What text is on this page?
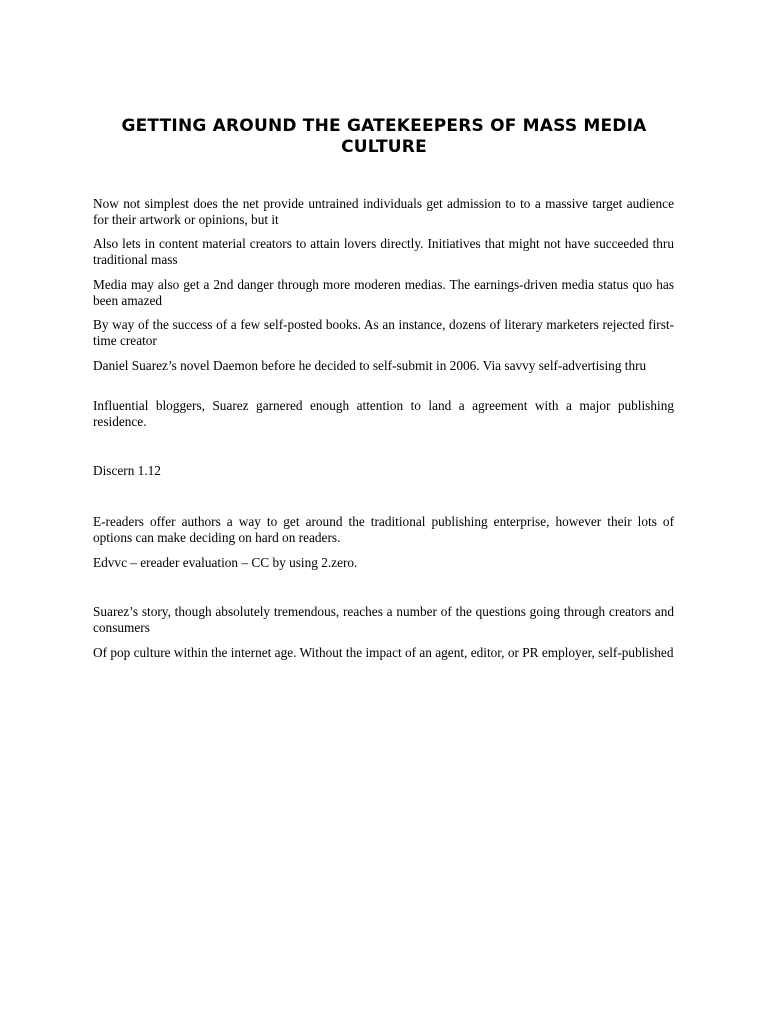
GETTING AROUND THE GATEKEEPERS OF MASS MEDIA CULTURE

Now not simplest does the net provide untrained individuals get admission to to a massive target audience for their artwork or opinions, but it

Also lets in content material creators to attain lovers directly. Initiatives that might not have succeeded thru traditional mass

Media may also get a 2nd danger through more moderen medias. The earnings-driven media status quo has been amazed

By way of the success of a few self-posted books. As an instance, dozens of literary marketers rejected first-time creator

Daniel Suarez’s novel Daemon before he decided to self-submit in 2006. Via savvy self-advertising thru

Influential bloggers, Suarez garnered enough attention to land a agreement with a major publishing residence.

Discern 1.12

E-readers offer authors a way to get around the traditional publishing enterprise, however their lots of options can make deciding on hard on readers.

Edvvc – ereader evaluation – CC by using 2.zero.

Suarez’s story, though absolutely tremendous, reaches a number of the questions going through creators and consumers

Of pop culture within the internet age. Without the impact of an agent, editor, or PR employer, self-published
